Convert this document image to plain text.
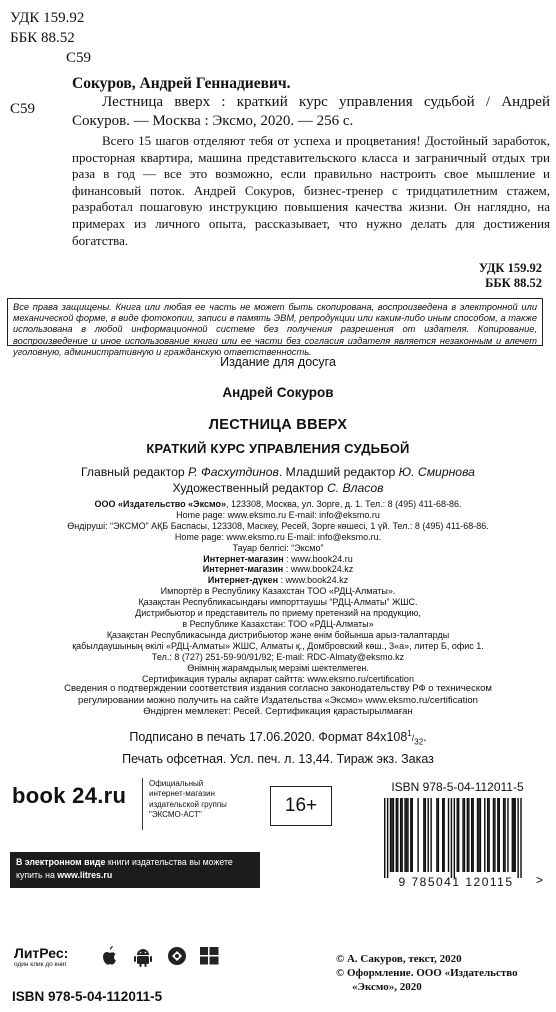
УДК 159.92
ББК 88.52
С59
С59
Сокуров, Андрей Геннадиевич.
Лестница вверх : краткий курс управления судьбой / Андрей Сокуров. — Москва : Эксмо, 2020. — 256 с.
Всего 15 шагов отделяют тебя от успеха и процветания! Достойный заработок, просторная квартира, машина представительского класса и заграничный отдых три раза в год — все это возможно, если правильно настроить свое мышление и финансовый поток. Андрей Сокуров, бизнес-тренер с тридцатилетним стажем, разработал пошаговую инструкцию повышения качества жизни. Он наглядно, на примерах из личного опыта, рассказывает, что нужно делать для достижения богатства.
УДК 159.92
ББК 88.52
Все права защищены. Книга или любая ее часть не может быть скопирована, воспроизведена в электронной или механической форме, в виде фотокопии, записи в память ЭВМ, репродукции или каким-либо иным способом, а также использована в любой информационной системе без получения разрешения от издателя. Копирование, воспроизведение и иное использование книги или ее части без согласия издателя является незаконным и влечет уголовную, административную и гражданскую ответственность.
Издание для досуга
Андрей Сокуров
ЛЕСТНИЦА ВВЕРХ
КРАТКИЙ КУРС УПРАВЛЕНИЯ СУДЬБОЙ
Главный редактор Р. Фасхутдинов. Младший редактор Ю. Смирнова
Художественный редактор С. Власов
ООО «Издательство «Эксмо», 123308, Москва, ул. Зорге, д. 1. Тел.: 8 (495) 411-68-86.
Home page: www.eksmo.ru E-mail: info@eksmo.ru
Өндіруші: “ЭКСМО” АҚБ Баспасы, 123308, Мәскеу, Ресей, Зорге көшесі, 1 үй. Тел.: 8 (495) 411-68-86.
Home page: www.eksmo.ru E-mail: info@eksmo.ru.
Тауар белгісі: “Эксмо”
Интернет-магазин : www.book24.ru
Интернет-магазин : www.book24.kz
Интернет-дүкен : www.book24.kz
Импортёр в Республику Казахстан ТОО «РДЦ-Алматы».
Қазақстан Республикасындағы импорттаушы “РДЦ-Алматы” ЖШС.
Дистрибьютор и представитель по приему претензий на продукцию,
в Республике Казахстан: ТОО «РДЦ-Алматы»
Қазақстан Республикасында дистрибьютор және өнім бойынша арыз-талаптарды
қабылдаушының өкілі «РДЦ-Алматы» ЖШС, Алматы қ., Домбровский көш., 3«а», литер Б, офис 1.
Тел.: 8 (727) 251-59-90/91/92; E-mail: RDC-Almaty@eksmo.kz
Өнімнің жарамдылық мерзімі шектелмеген.
Сертификация туралы ақпарат сайтта: www.eksmo.ru/certification
Сведения о подтверждении соответствия издания согласно законодательству РФ о техническом
регулировании можно получить на сайте Издательства «Эксмо» www.eksmo.ru/certification
Өндірген мемлекет: Ресей. Сертификация қарастырылмаған
Подписано в печать 17.06.2020. Формат $84x108^1/_{32}$.
Печать офсетная. Усл. печ. л. 13,44. Тираж экз. Заказ
book 24.ru	Официальный
интернет-магазин
издательской группы
"ЭКСМО-АСТ"	16+
ISBN 978-5-04-112011-5
>
9 785041 120115
В электронном виде книги издательства вы можете
купить на www.litres.ru
ЛитРес:
один клик до книг
ISBN 978-5-04-112011-5
© А. Сакуров, текст, 2020
© Оформление. ООО «Издательство
«Эксмо», 2020
